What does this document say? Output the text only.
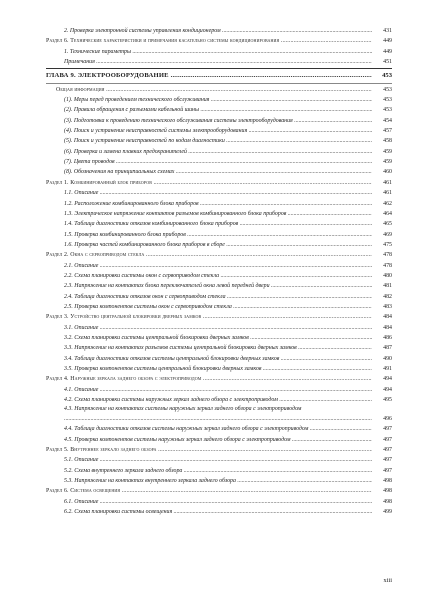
2. Проверка электронной системы управления кондиционером .....	431
Раздел 6. Технические характеристики и примечания касательно системы кондиционирования .....	449
1. Технические параметры .....	449
Примечания .....	451
ГЛАВА 9. ЭЛЕКТРООБОРУДОВАНИЕ .....	453
Общая информация .....	453
(1). Меры перед проведением технического обслуживания .....	453
(2). Правила обращения с разъемами кабельной шины .....	453
(3). Подготовка к проведению технического обслуживания системы электрооборудования .....	454
(4). Поиск и устранение неисправностей системы электрооборудования .....	457
(5). Поиск и устранение неисправностей по кодам диагностики .....	458
(6). Проверка и замена плавких предохранителей .....	459
(7). Цвета проводов .....	459
(8). Обозначения на принципиальных схемах .....	460
Раздел 1. Комбинированный блок приборов .....	461
1.1. Описание .....	461
1.2. Расположение комбинированного блока приборов .....	462
1.3. Электрическое напряжение контактов разъемов комбинированного блока приборов .....	464
1.4. Таблица диагностики отказов комбинированного блока приборов .....	465
1.5. Проверка комбинированного блока приборов .....	469
1.6. Проверка частей комбинированного блока приборов в сборе .....	475
Раздел 2. Окна с сервоприводом стекла .....	478
2.1. Описание .....	478
2.2. Схема планировки системы окон с сервоприводом стекла .....	480
2.3. Напряжение на контактах блока переключателей окна левой передней двери .....	481
2.4. Таблица диагностики отказов окон с сервоприводом стекла .....	482
2.5. Проверка компонентов системы окон с сервоприводом стекла .....	483
Раздел 3. Устройство центральной блокировки дверных замков .....	484
3.1. Описание .....	484
3.2. Схема планировки системы центральной блокировки дверных замков .....	486
3.3. Напряжение на контактах разъемов системы центральной блокировки дверных замков .....	487
3.4. Таблица диагностики отказов системы центральной блокировки дверных замков .....	490
3.5. Проверка компонентов системы центральной блокировки дверных замков .....	491
Раздел 4. Наружные зеркала заднего обзора с электроприводом .....	494
4.1. Описание .....	494
4.2. Схема планировки системы наружных зеркал заднего обзора с электроприводом .....	495
4.3. Напряжение на контактах системы наружных зеркал заднего обзора с электроприводом
.....
496
4.4. Таблица диагностики отказов системы наружных зеркал заднего обзора с электроприводом .....	497
4.5. Проверка компонентов системы наружных зеркал заднего обзора с электроприводом .....	497
Раздел 5. Внутреннее зеркало заднего обзора .....	497
5.1. Описание .....	497
5.2. Схема внутреннего зеркала заднего обзора .....	497
5.3. Напряжение на контактах внутреннего зеркала заднего обзора .....	498
Раздел 6. Система освещения .....	498
6.1. Описание .....	498
6.2. Схема планировки системы освещения .....	499
xiii
